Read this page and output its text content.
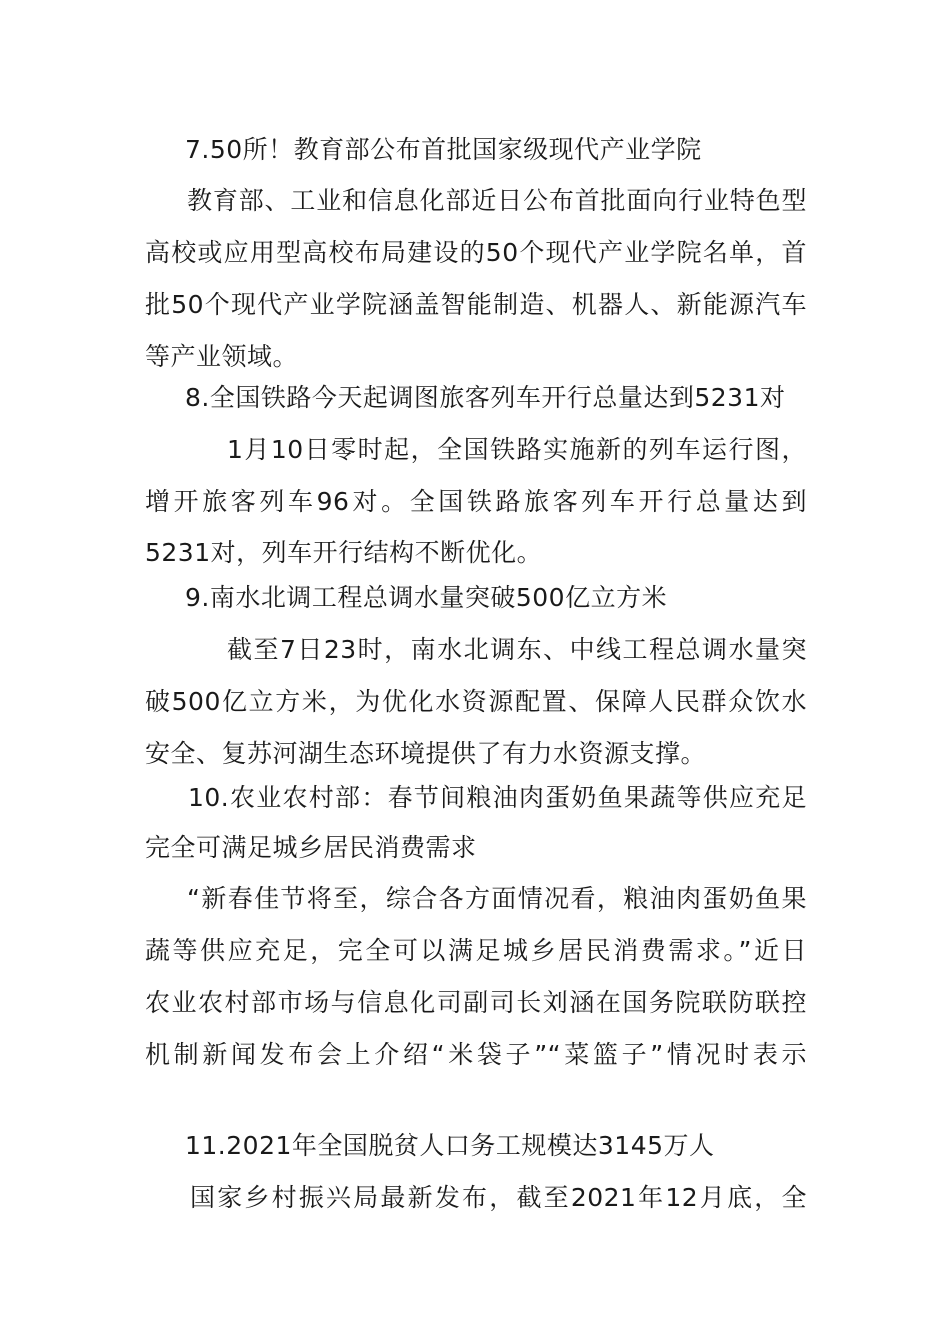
7.50所！教育部公布首批国家级现代产业学院
教育部、工业和信息化部近日公布首批面向行业特色型
高校或应用型高校布局建设的50个现代产业学院名单，首
批50个现代产业学院涵盖智能制造、机器人、新能源汽车
等产业领域。
8.全国铁路今天起调图旅客列车开行总量达到5231对
1月10日零时起，全国铁路实施新的列车运行图，
增开旅客列车96对。全国铁路旅客列车开行总量达到
5231对，列车开行结构不断优化。
9.南水北调工程总调水量突破500亿立方米
截至7日23时，南水北调东、中线工程总调水量突
破500亿立方米，为优化水资源配置、保障人民群众饮水
安全、复苏河湖生态环境提供了有力水资源支撑。
10.农业农村部：春节间粮油肉蛋奶鱼果蔬等供应充足
完全可满足城乡居民消费需求
“新春佳节将至，综合各方面情况看，粮油肉蛋奶鱼果
蔬等供应充足，完全可以满足城乡居民消费需求。”近日
农业农村部市场与信息化司副司长刘涵在国务院联防联控
机制新闻发布会上介绍“米袋子”“菜篮子”情况时表示
11.2021年全国脱贫人口务工规模达3145万人
国家乡村振兴局最新发布，截至2021年12月底，全
